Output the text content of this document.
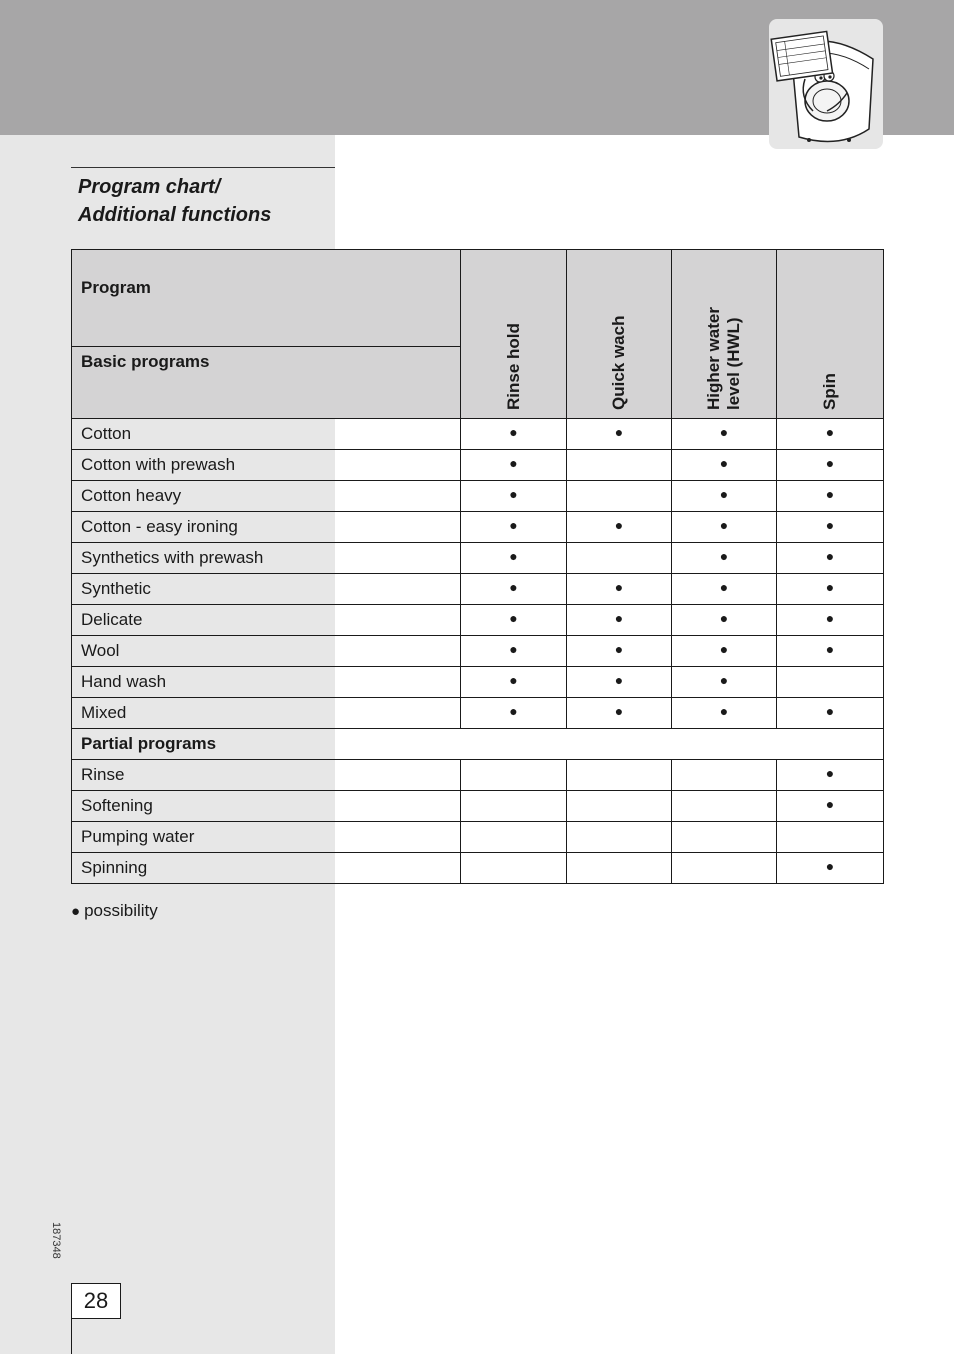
Program chart/
Additional functions
Program	Rinse hold	Quick wach	Higher water level (HWL)	Spin

Basic programs				
Cotton	●	●	●	●
Cotton with prewash	●		●	●
Cotton heavy	●		●	●
Cotton - easy ironing	●	●	●	●
Synthetics with prewash	●		●	●
Synthetic	●	●	●	●
Delicate	●	●	●	●
Wool	●	●	●	●
Hand wash	●	●	●	
Mixed	●	●	●	●
Partial programs				
Rinse				●
Softening				●
Pumping water				
Spinning				●
● possibility
187348
28
